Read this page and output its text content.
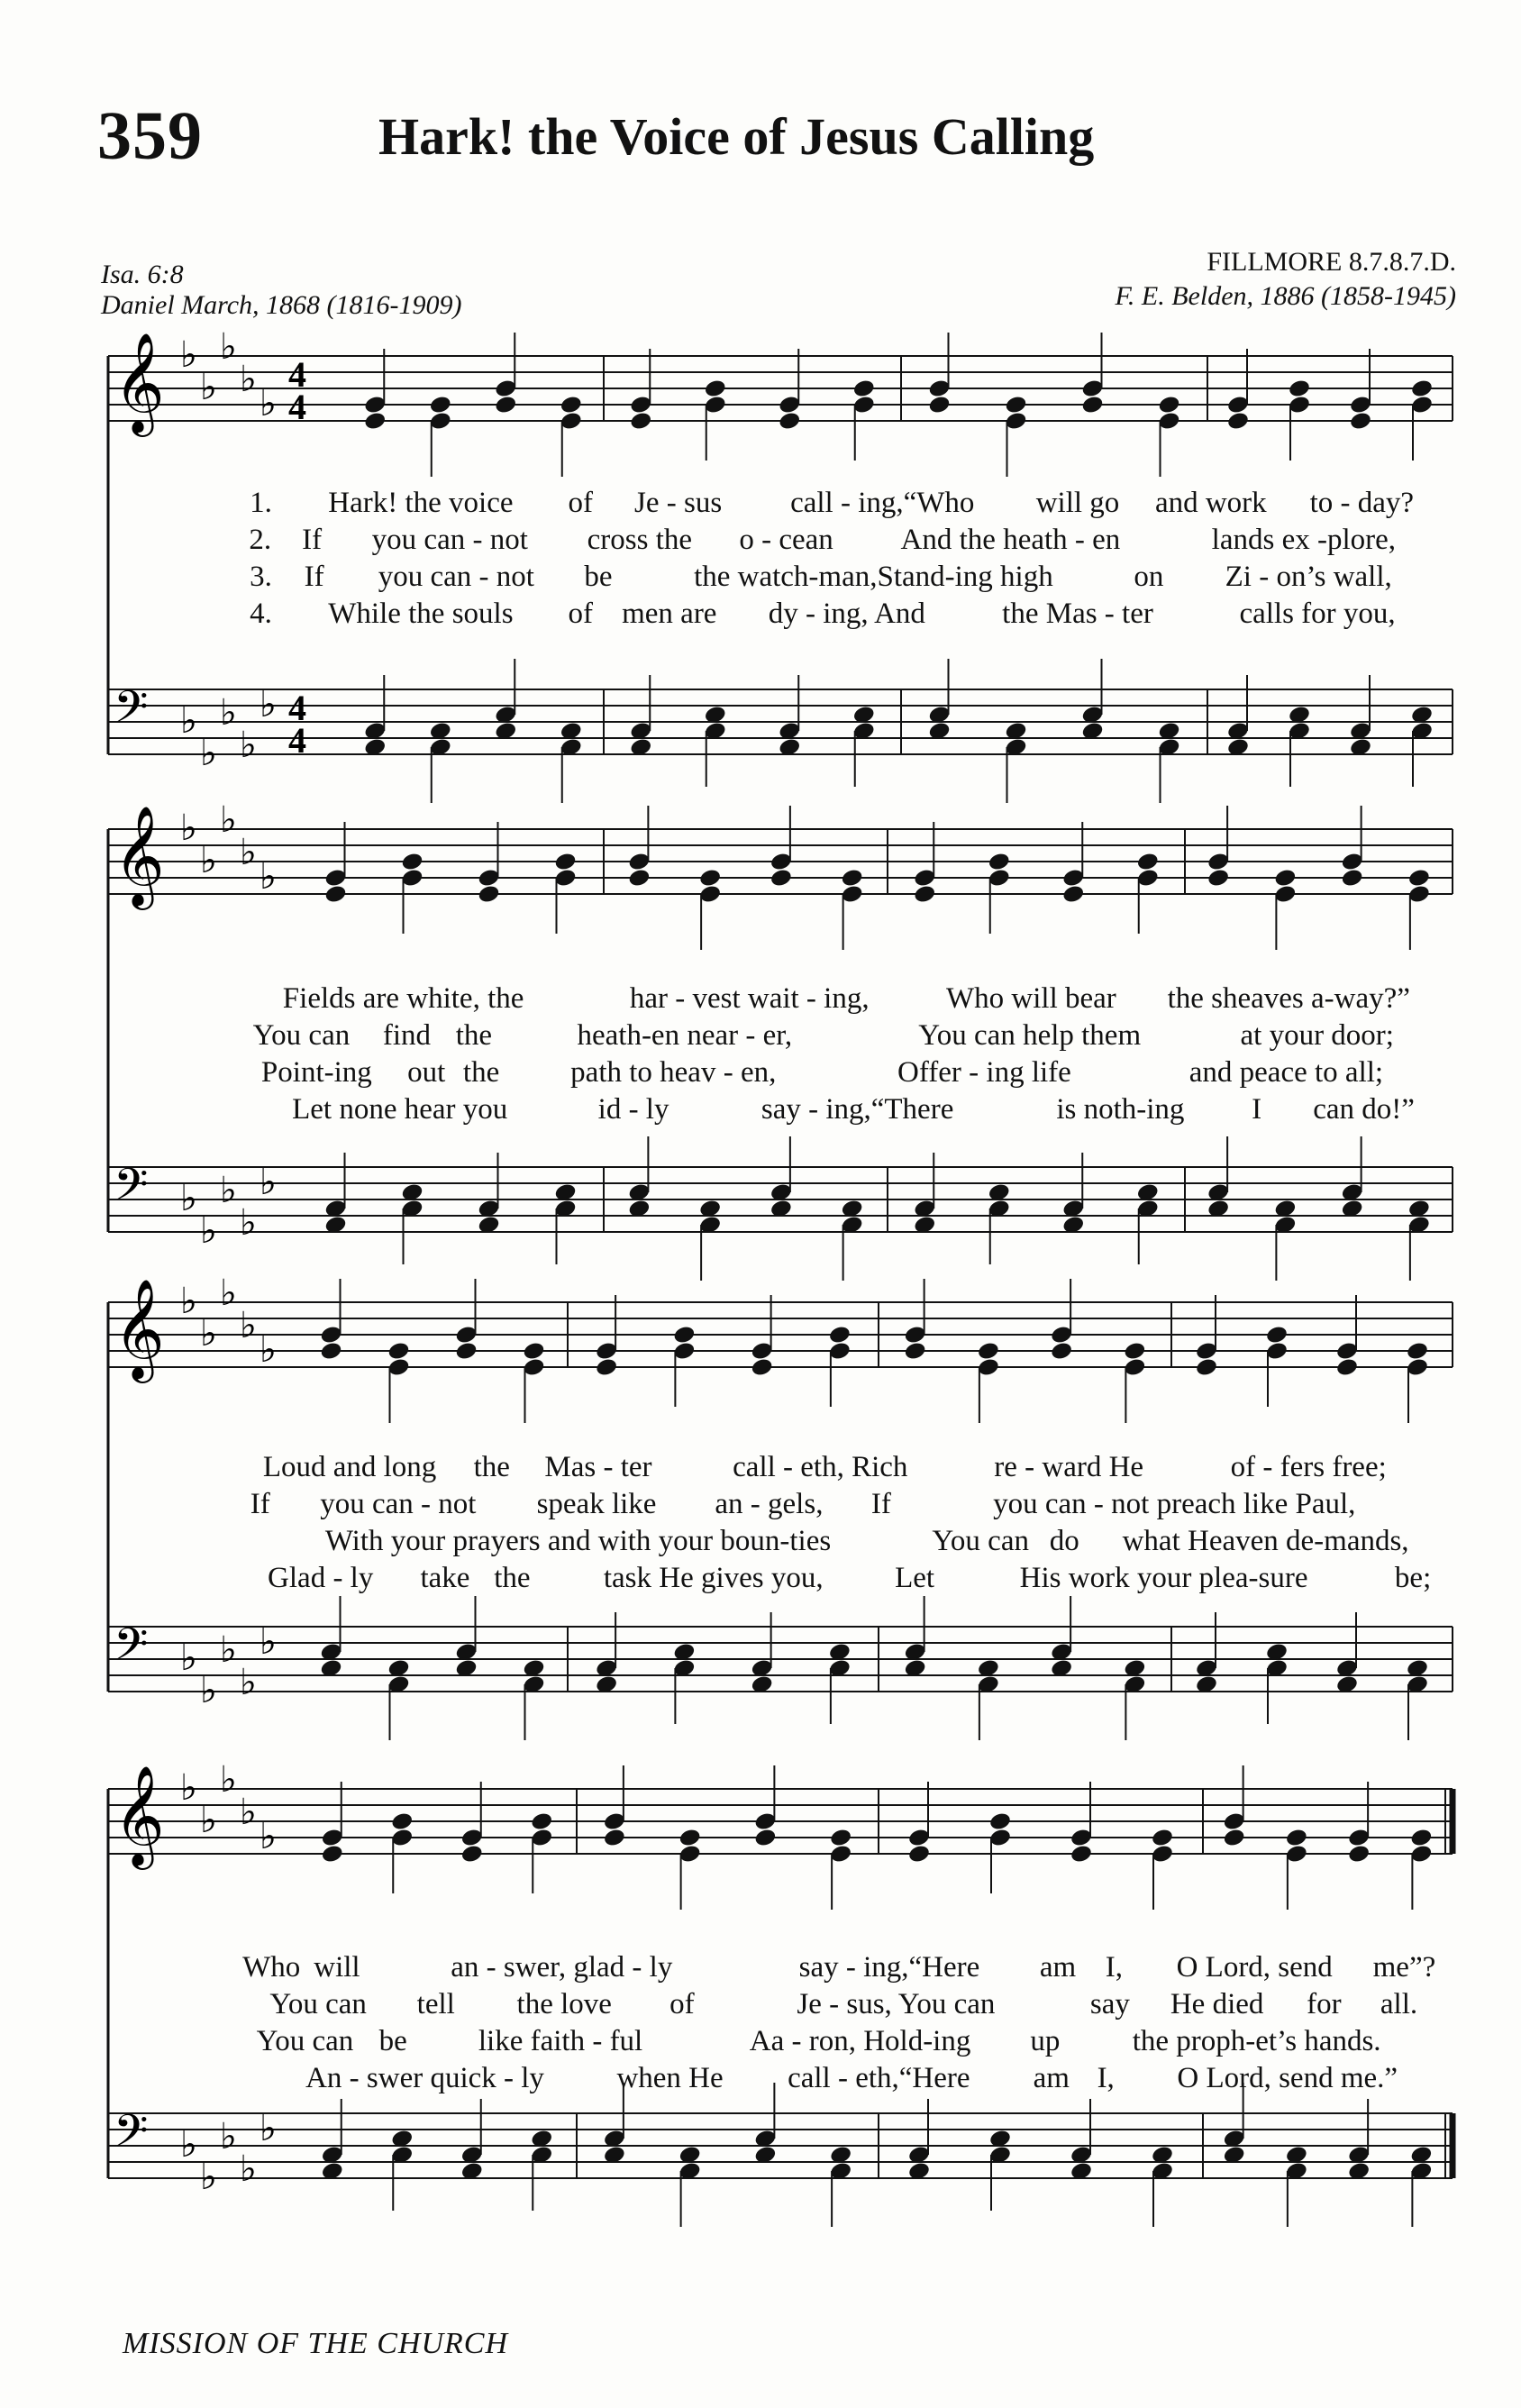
359	Hark! the Voice of Jesus Calling
Isa. 6:8
Daniel March, 1868 (1816-1909)
FILLMORE 8.7.8.7.D.
F. E. Belden, 1886 (1858-1945)
𝄞 ♭
♭
♭
♭
♭
4
4
𝄢 ♭
♭
♭
♭
♭ 4
4
𝄞 ♭
♭
♭
♭
♭
𝄢 ♭
♭
♭
♭
♭
𝄞 ♭
♭
♭
♭
♭
𝄢 ♭
♭
♭
♭
♭
𝄞 ♭
♭
♭
♭
♭
𝄢 ♭
♭
♭
♭
♭
1. Hark! the voice of Je - sus call - ing,“Who will go and work to - day?
2. If you can - not cross the o - cean And the heath - en	lands ex -plore,
3. If you can - not be	the watch-man,Stand-ing high	on Zi - on’s wall,
4. While the souls of men are dy - ing, And	the Mas - ter	calls for you,
Fields are white, the	har - vest wait - ing,	Who will bear the sheaves a-way?”
You can find the	heath-en near - er,	You can help them	at your door;
Point-ing out the path to heav - en,	Offer - ing life	and peace to all;
Let none hear you	id - ly	say - ing,“There	is noth-ing I can do!”
Loud and long the Mas - ter	call - eth, Rich	re - ward He	of - fers free;
If you can - not speak like an - gels, If	you can - not preach like Paul,
With your prayers and with your boun-ties	You can do what Heaven de-mands,
Glad - ly take the task He gives you, Let	His work your plea-sure	be;
Who will	an - swer, glad - ly	say - ing,“Here am I, O Lord, send me”?
You can tell the love of	Je - sus, You can	say He died for all.
You can be like faith - ful	Aa - ron, Hold-ing up the proph-et’s hands.
An - swer quick - ly when He call - eth,“Here am I, O Lord, send me.”
MISSION OF THE CHURCH
